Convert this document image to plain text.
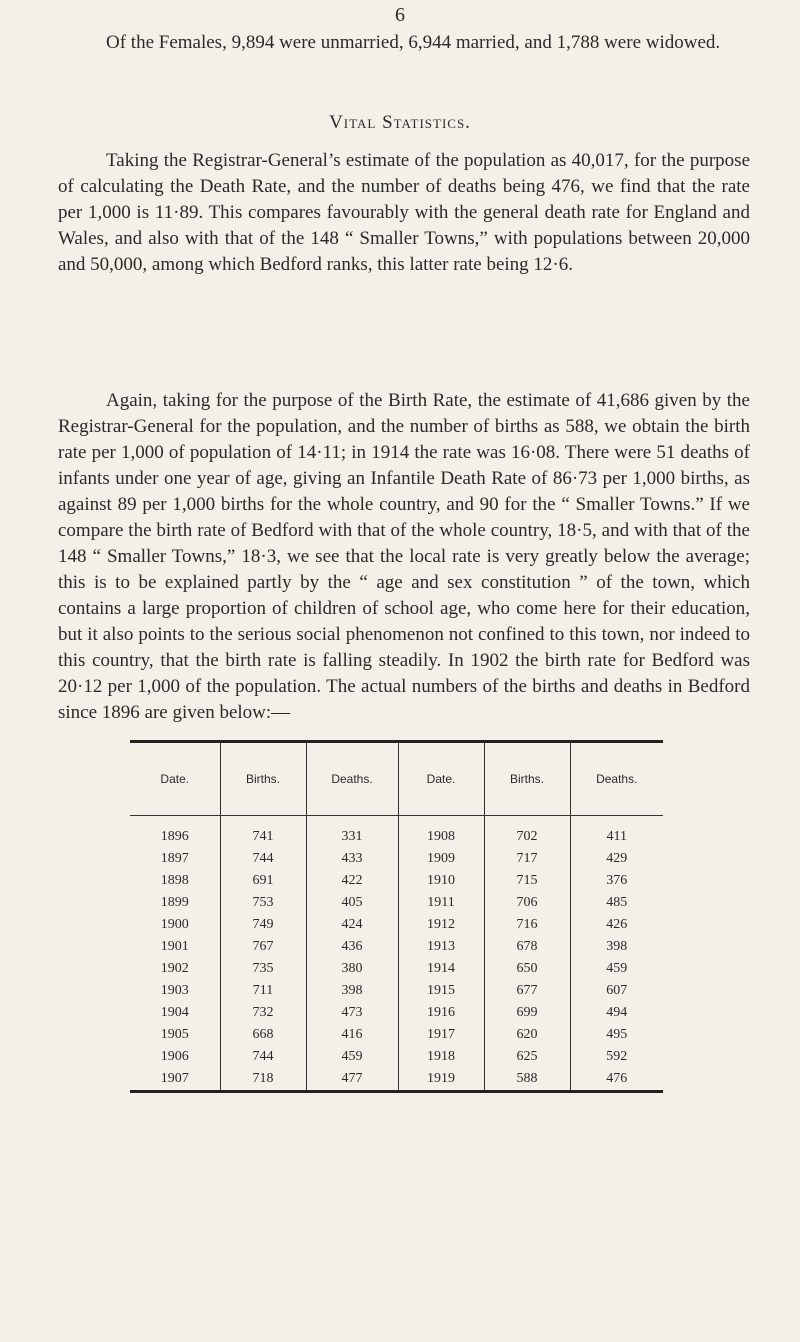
6

Of the Females, 9,894 were unmarried, 6,944 married, and 1,788 were widowed.

Vital Statistics.

Taking the Registrar-General’s estimate of the population as 40,017, for the purpose of calculating the Death Rate, and the number of deaths being 476, we find that the rate per 1,000 is 11·89. This compares favourably with the general death rate for England and Wales, and also with that of the 148 “ Smaller Towns,” with populations between 20,000 and 50,000, among which Bedford ranks, this latter rate being 12·6.

Again, taking for the purpose of the Birth Rate, the estimate of 41,686 given by the Registrar-General for the population, and the number of births as 588, we obtain the birth rate per 1,000 of population of 14·11; in 1914 the rate was 16·08. There were 51 deaths of infants under one year of age, giving an Infantile Death Rate of 86·73 per 1,000 births, as against 89 per 1,000 births for the whole country, and 90 for the “ Smaller Towns.” If we compare the birth rate of Bedford with that of the whole country, 18·5, and with that of the 148 “ Smaller Towns,” 18·3, we see that the local rate is very greatly below the average; this is to be explained partly by the “ age and sex constitution ” of the town, which contains a large proportion of children of school age, who come here for their education, but it also points to the serious social phenomenon not confined to this town, nor indeed to this country, that the birth rate is falling steadily. In 1902 the birth rate for Bedford was 20·12 per 1,000 of the population. The actual numbers of the births and deaths in Bedford since 1896 are given below:—

Date.	Births.	Deaths.	Date.	Births.	Deaths.
1896	741	331	1908	702	411
1897	744	433	1909	717	429
1898	691	422	1910	715	376
1899	753	405	1911	706	485
1900	749	424	1912	716	426
1901	767	436	1913	678	398
1902	735	380	1914	650	459
1903	711	398	1915	677	607
1904	732	473	1916	699	494
1905	668	416	1917	620	495
1906	744	459	1918	625	592
1907	718	477	1919	588	476
